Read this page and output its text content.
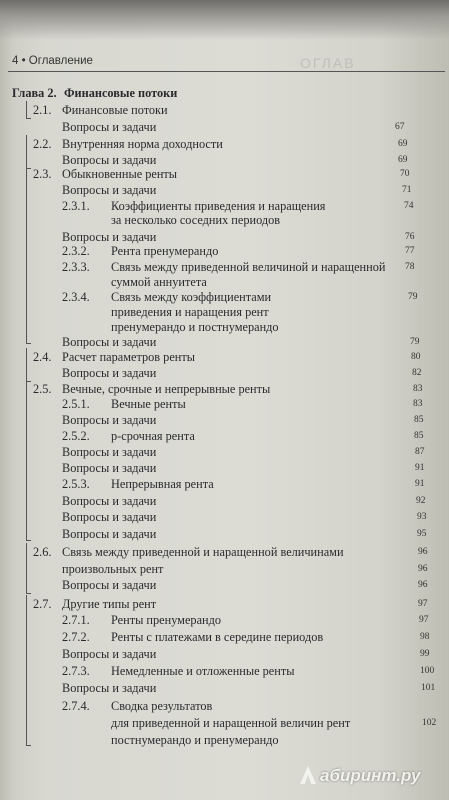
ОГЛАВ
4 • Оглавление
Глава 2. Финансовые потоки
2.1. Финансовые потоки
Вопросы и задачи	67
2.2. Внутренняя норма доходности	69
Вопросы и задачи	69
2.3. Обыкновенные ренты	70
Вопросы и задачи	71
2.3.1. Коэффициенты приведения и наращения	74
за несколько соседних периодов
Вопросы и задачи	76
2.3.2. Рента пренумерандо	77
2.3.3. Связь между приведенной величиной и наращенной 78
суммой аннуитета
2.3.4. Связь между коэффициентами	79
приведения и наращения рент
пренумерандо и постнумерандо
Вопросы и задачи	79
2.4. Расчет параметров ренты	80
Вопросы и задачи	82
2.5. Вечные, срочные и непрерывные ренты	83
2.5.1. Вечные ренты	83
Вопросы и задачи	85
2.5.2. p-срочная рента	85
Вопросы и задачи	87
Вопросы и задачи	91
2.5.3. Непрерывная рента	91
Вопросы и задачи	92
Вопросы и задачи	93
Вопросы и задачи	95
2.6. Связь между приведенной и наращенной величинами	96
произвольных рент	96
Вопросы и задачи	96
2.7. Другие типы рент	97
2.7.1. Ренты пренумерандо	97
2.7.2. Ренты с платежами в середине периодов	98
Вопросы и задачи	99
2.7.3. Немедленные и отложенные ренты	100
Вопросы и задачи	101
2.7.4. Сводка результатов
для приведенной и наращенной величин рент	102
постнумерандо и пренумерандо
абиринт.ру
